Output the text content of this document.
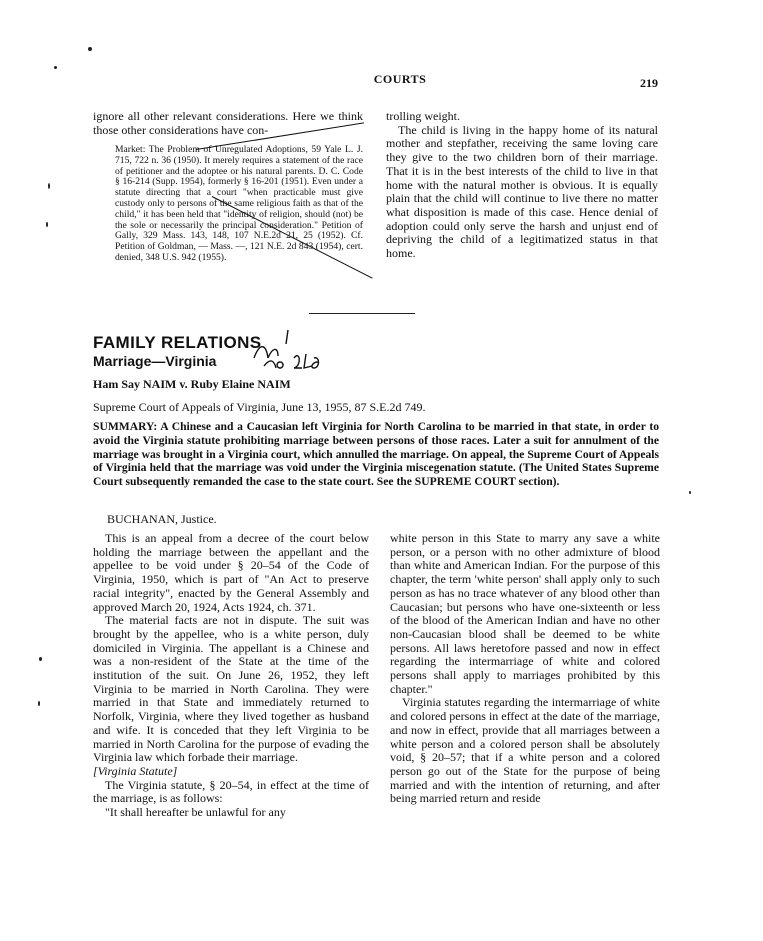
COURTS	219

ignore all other relevant considerations. Here we think those other considerations have con-

Market: The Problem of Unregulated Adoptions, 59 Yale L. J. 715, 722 n. 36 (1950). It merely requires a statement of the race of petitioner and the adoptee or his natural parents. D. C. Code § 16-214 (Supp. 1954), formerly § 16-201 (1951). Even under a statute directing that a court "when practicable must give custody only to persons of the same religious faith as that of the child," it has been held that "identity of religion, should (not) be the sole or necessarily the principal consideration." Petition of Gally, 329 Mass. 143, 148, 107 N.E.2d 21, 25 (1952). Cf. Petition of Goldman, — Mass. —, 121 N.E. 2d 843 (1954), cert. denied, 348 U.S. 942 (1955).

trolling weight.

The child is living in the happy home of its natural mother and stepfather, receiving the same loving care they give to the two children born of their marriage. That it is in the best interests of the child to live in that home with the natural mother is obvious. It is equally plain that the child will continue to live there no matter what disposition is made of this case. Hence denial of adoption could only serve the harsh and unjust end of depriving the child of a legitimatized status in that home.

FAMILY RELATIONS
Marriage—Virginia
Ham Say NAIM v. Ruby Elaine NAIM
Supreme Court of Appeals of Virginia, June 13, 1955, 87 S.E.2d 749.
SUMMARY: A Chinese and a Caucasian left Virginia for North Carolina to be married in that state, in order to avoid the Virginia statute prohibiting marriage between persons of those races. Later a suit for annulment of the marriage was brought in a Virginia court, which annulled the marriage. On appeal, the Supreme Court of Appeals of Virginia held that the marriage was void under the Virginia miscegenation statute. (The United States Supreme Court subsequently remanded the case to the state court. See the SUPREME COURT section).
BUCHANAN, Justice.

This is an appeal from a decree of the court below holding the marriage between the appellant and the appellee to be void under § 20–54 of the Code of Virginia, 1950, which is part of "An Act to preserve racial integrity", enacted by the General Assembly and approved March 20, 1924, Acts 1924, ch. 371.

The material facts are not in dispute. The suit was brought by the appellee, who is a white person, duly domiciled in Virginia. The appellant is a Chinese and was a non-resident of the State at the time of the institution of the suit. On June 26, 1952, they left Virginia to be married in North Carolina. They were married in that State and immediately returned to Norfolk, Virginia, where they lived together as husband and wife. It is conceded that they left Virginia to be married in North Carolina for the purpose of evading the Virginia law which forbade their marriage.

[Virginia Statute]

The Virginia statute, § 20–54, in effect at the time of the marriage, is as follows:

"It shall hereafter be unlawful for any

white person in this State to marry any save a white person, or a person with no other admixture of blood than white and American Indian. For the purpose of this chapter, the term 'white person' shall apply only to such person as has no trace whatever of any blood other than Caucasian; but persons who have one-sixteenth or less of the blood of the American Indian and have no other non-Caucasian blood shall be deemed to be white persons. All laws heretofore passed and now in effect regarding the intermarriage of white and colored persons shall apply to marriages prohibited by this chapter."

Virginia statutes regarding the intermarriage of white and colored persons in effect at the date of the marriage, and now in effect, provide that all marriages between a white person and a colored person shall be absolutely void, § 20–57; that if a white person and a colored person go out of the State for the purpose of being married and with the intention of returning, and after being married return and reside
